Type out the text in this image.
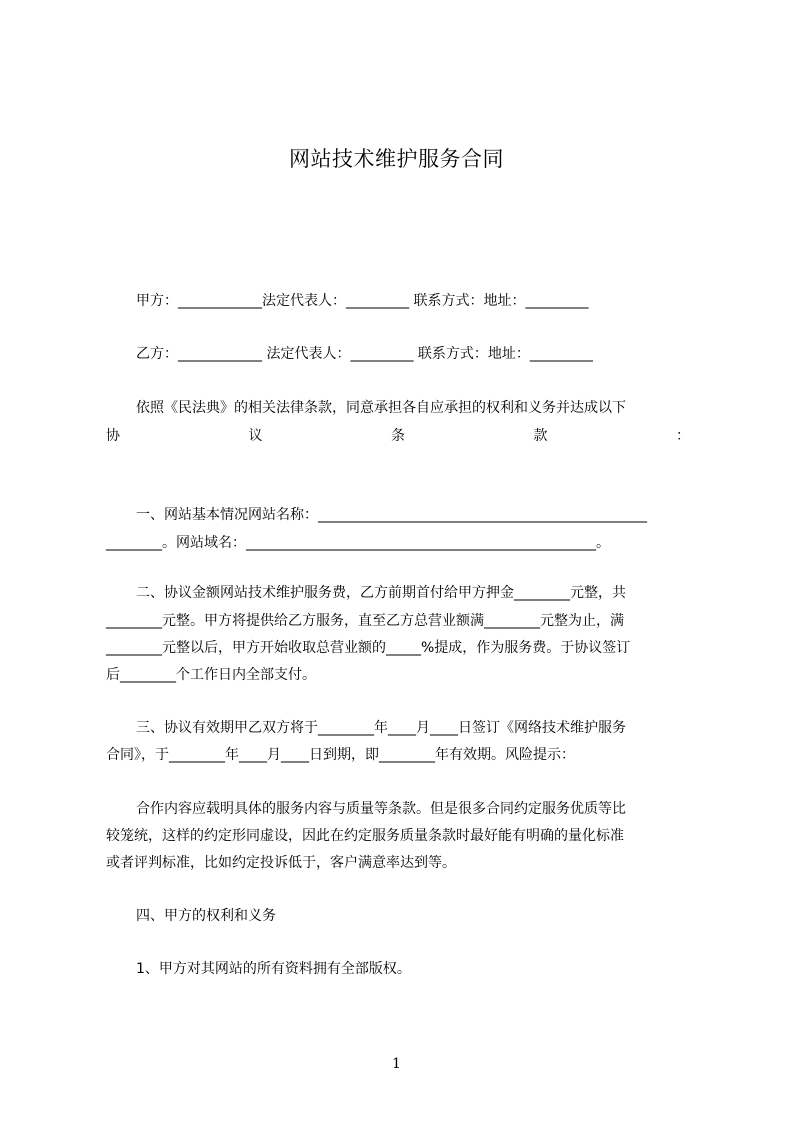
网站技术维护服务合同
甲方：____________法定代表人：_________ 联系方式：地址：_________
乙方：____________ 法定代表人：_________ 联系方式：地址：_________
依照《民法典》的相关法律条款，同意承担各自应承担的权利和义务并达成以下
协	议	条	款	：
一、网站基本情况网站名称：_______________________________________________
________。网站域名：__________________________________________________。
二、协议金额网站技术维护服务费，乙方前期首付给甲方押金________元整，共
________元整。甲方将提供给乙方服务，直至乙方总营业额满________元整为止，满
________元整以后，甲方开始收取总营业额的_____%提成，作为服务费。于协议签订
后________个工作日内全部支付。
三、协议有效期甲乙双方将于________年____月____日签订《网络技术维护服务
合同》，于________年____月____日到期，即________年有效期。风险提示：
合作内容应载明具体的服务内容与质量等条款。但是很多合同约定服务优质等比
较笼统，这样的约定形同虚设，因此在约定服务质量条款时最好能有明确的量化标准
或者评判标准，比如约定投诉低于，客户满意率达到等。
四、甲方的权利和义务
1、甲方对其网站的所有资料拥有全部版权。
1
